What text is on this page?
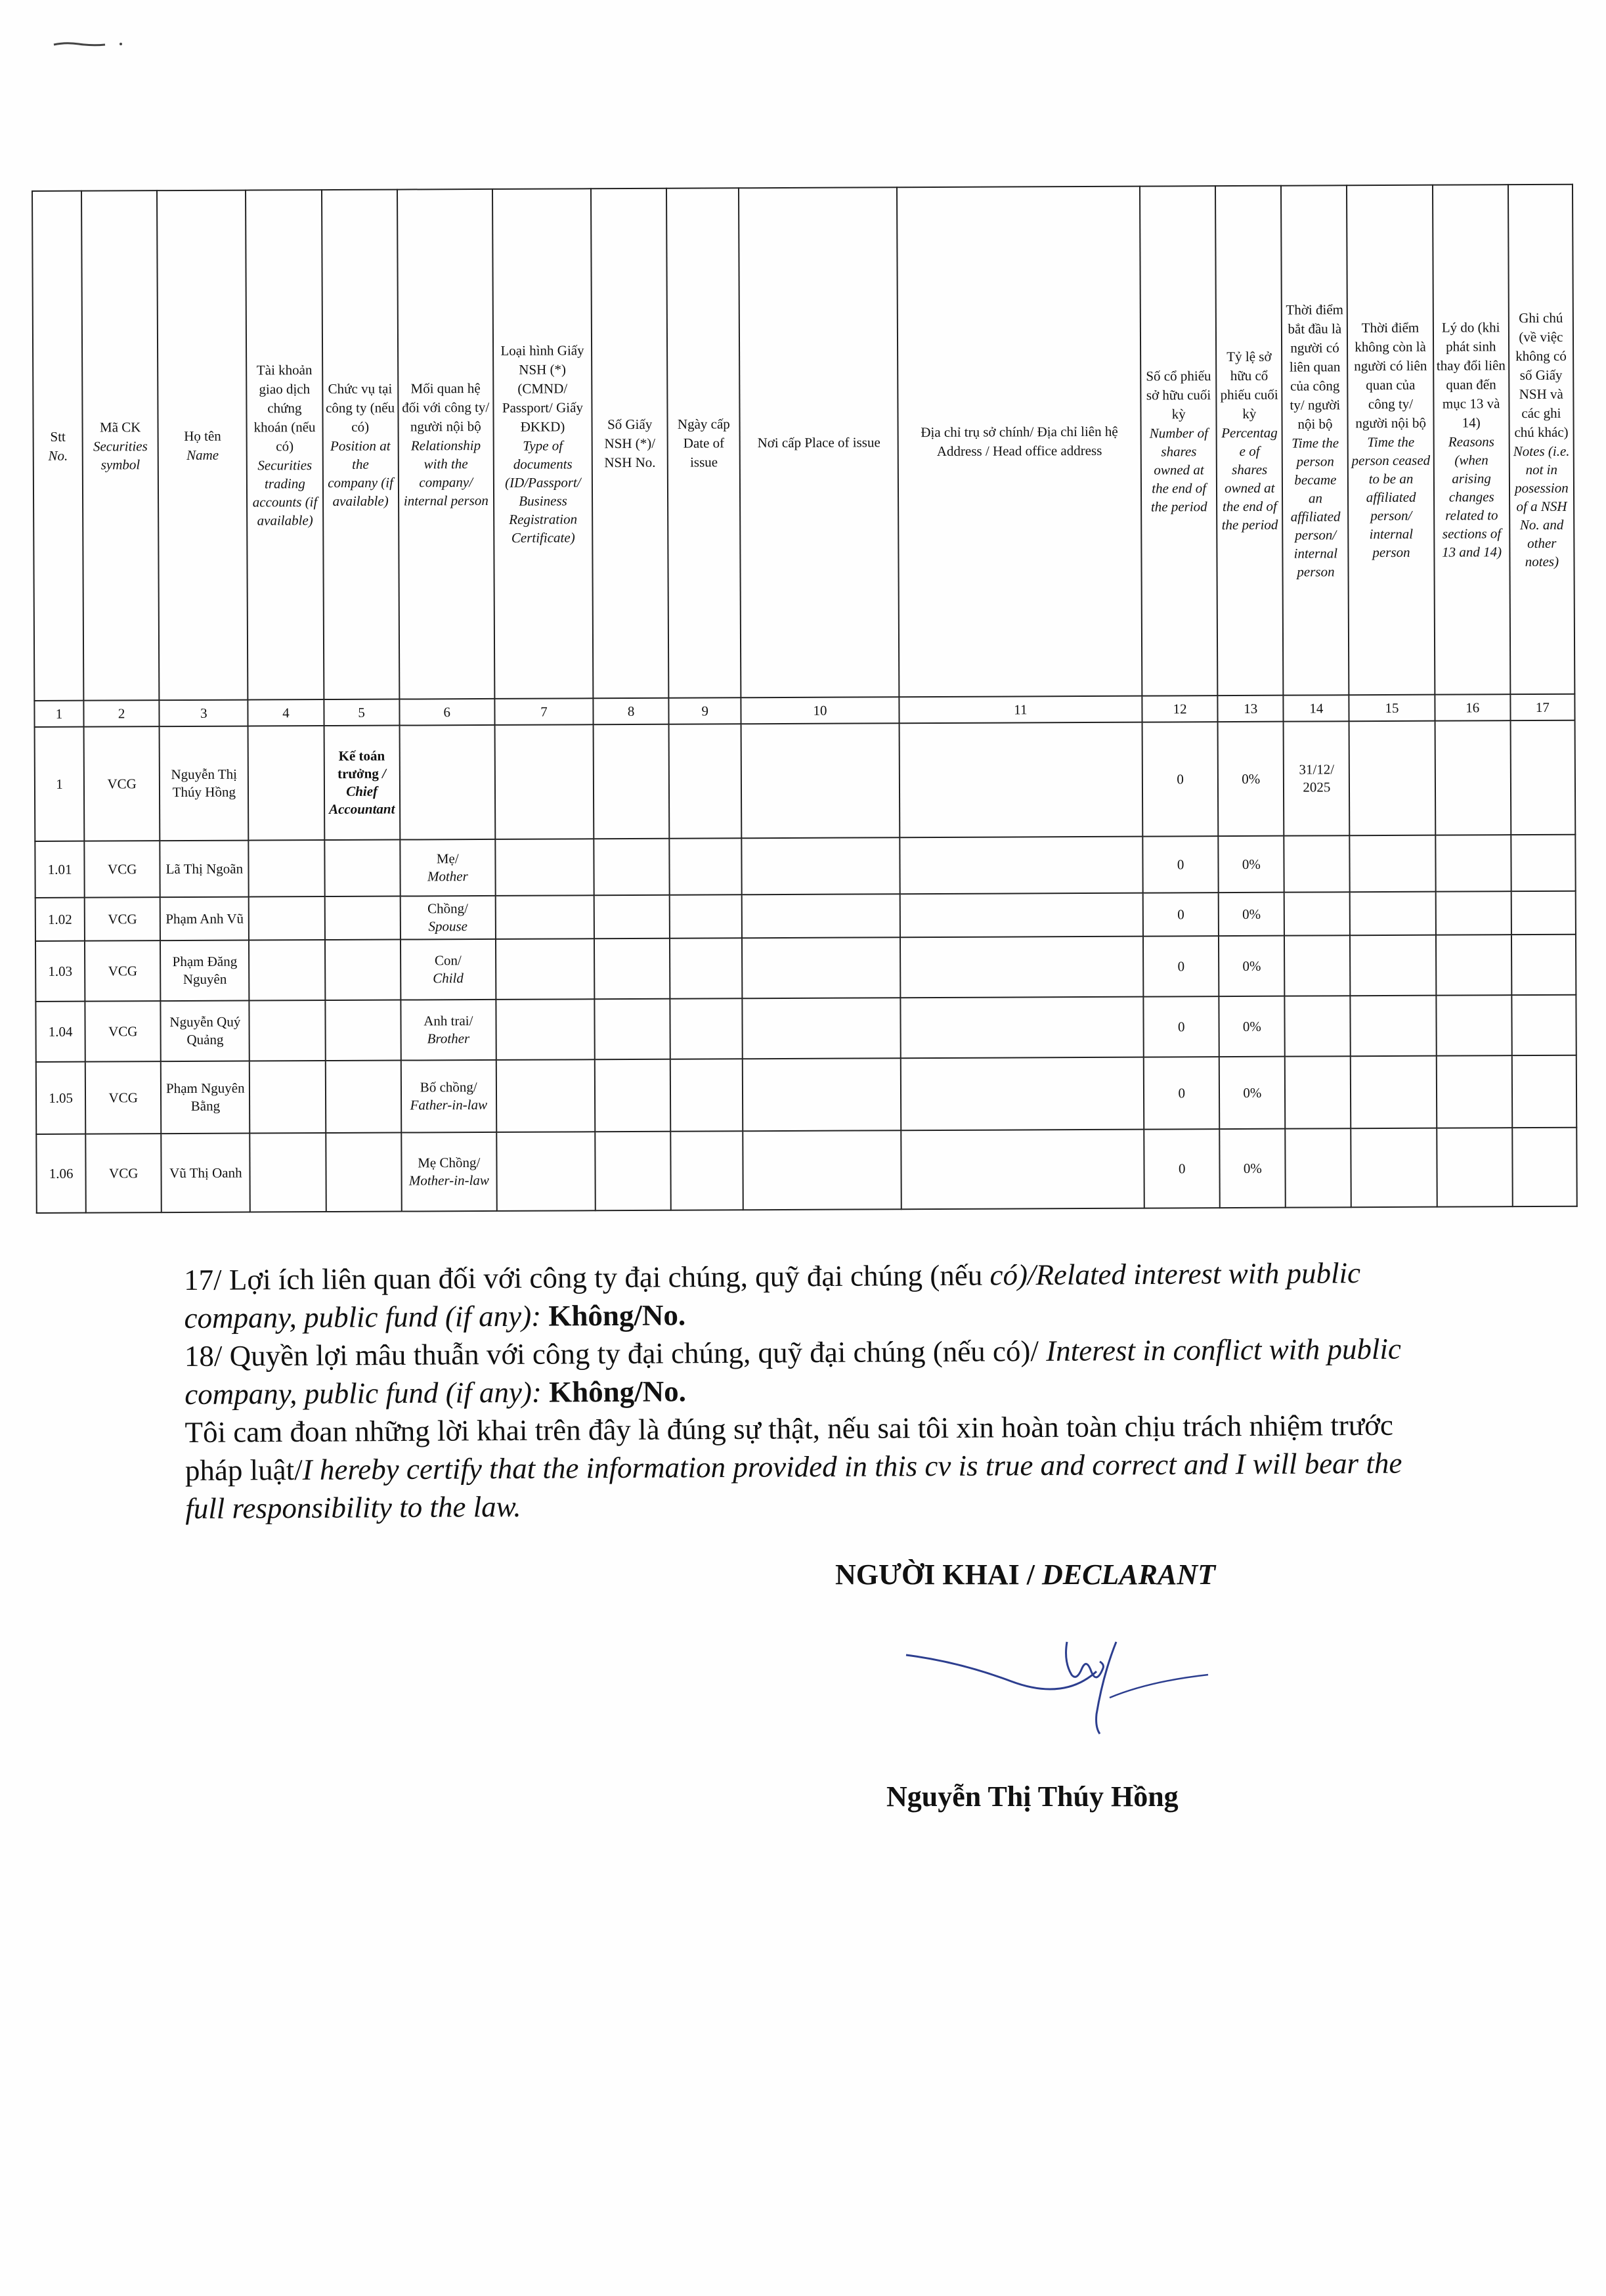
Stt
No.	Mã CK
Securities symbol	Họ tên
Name	Tài khoản giao dịch chứng khoán (nếu có)
Securities trading accounts (if available)	Chức vụ tại công ty (nếu có)
Position at the company (if available)	Mối quan hệ đối với công ty/ người nội bộ
Relationship with the company/ internal person	Loại hình Giấy NSH (*) (CMND/ Passport/ Giấy ĐKKD)
Type of documents (ID/Passport/ Business Registration Certificate)	Số Giấy NSH (*)/ NSH No.	Ngày cấp Date of issue	Nơi cấp Place of issue	Địa chỉ trụ sở chính/ Địa chỉ liên hệ Address / Head office address	Số cổ phiếu sở hữu cuối kỳ
Number of shares owned at the end of the period	Tỷ lệ sở hữu cổ phiếu cuối kỳ
Percentage of shares owned at the end of the period	Thời điểm bắt đầu là người có liên quan của công ty/ người nội bộ
Time the person became an affiliated person/ internal person	Thời điểm không còn là người có liên quan của công ty/ người nội bộ
Time the person ceased to be an affiliated person/ internal person	Lý do (khi phát sinh thay đổi liên quan đến mục 13 và 14)
Reasons (when arising changes related to sections of 13 and 14)	Ghi chú (về việc không có số Giấy NSH và các ghi chú khác)
Notes (i.e. not in posession of a NSH No. and other notes)

1	2	3	4	5	6	7	8	9	10	11	12	13	14	15	16	17
1	VCG	Nguyễn Thị Thúy Hồng		Kế toán trưởng / Chief Accountant							0	0%	31/12/ 2025			
1.01	VCG	Lã Thị Ngoãn			Mẹ/
Mother						0	0%				
1.02	VCG	Phạm Anh Vũ			Chồng/
Spouse						0	0%				
1.03	VCG	Phạm Đăng Nguyên			Con/
Child						0	0%				
1.04	VCG	Nguyễn Quý Quảng			Anh trai/
Brother						0	0%				
1.05	VCG	Phạm Nguyên Bằng			Bố chồng/
Father-in-law						0	0%				
1.06	VCG	Vũ Thị Oanh			Mẹ Chồng/
Mother-in-law						0	0%				

17/ Lợi ích liên quan đối với công ty đại chúng, quỹ đại chúng (nếu có)/Related interest with public company, public fund (if any): Không/No.

18/ Quyền lợi mâu thuẫn với công ty đại chúng, quỹ đại chúng (nếu có)/ Interest in conflict with public company, public fund (if any): Không/No.

Tôi cam đoan những lời khai trên đây là đúng sự thật, nếu sai tôi xin hoàn toàn chịu trách nhiệm trước pháp luật/I hereby certify that the information provided in this cv is true and correct and I will bear the full responsibility to the law.

NGƯỜI KHAI / DECLARANT
Nguyễn Thị Thúy Hồng
